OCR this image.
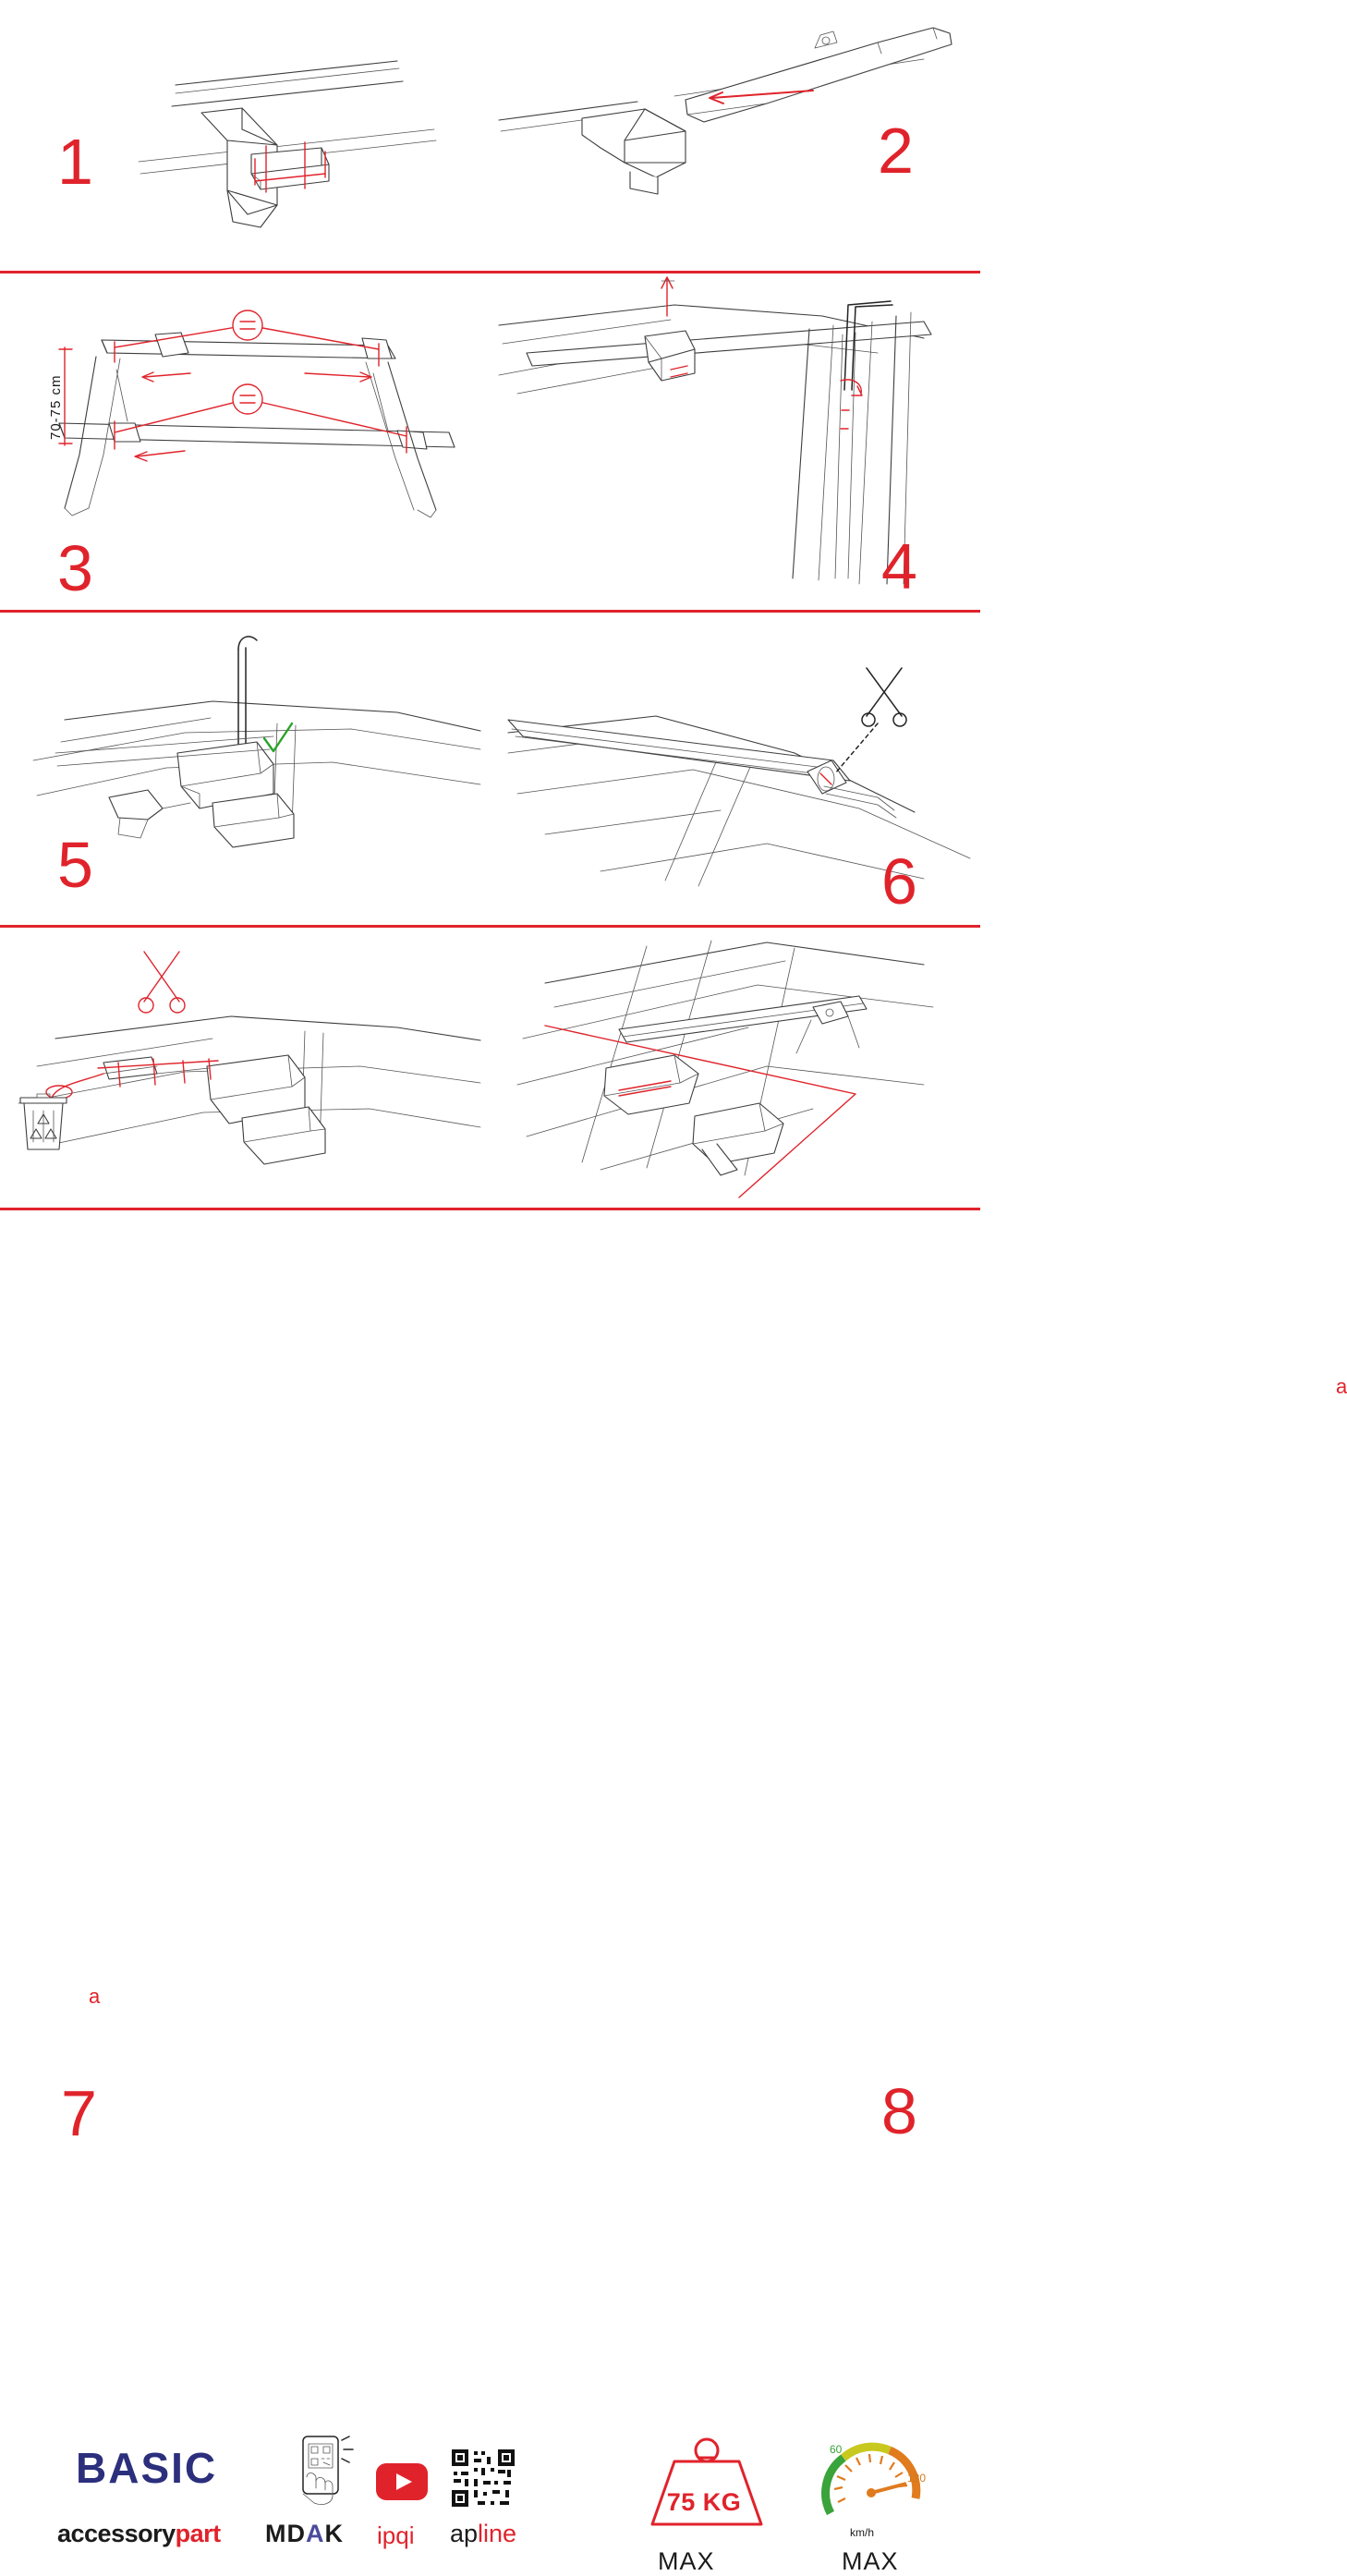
1	2
70-75 cm
3	4
5
a
6
a
7	8
BASIC
accessorypart MDAK ipqi apline
75 KG
MAX
60
120
km/h
MAX
